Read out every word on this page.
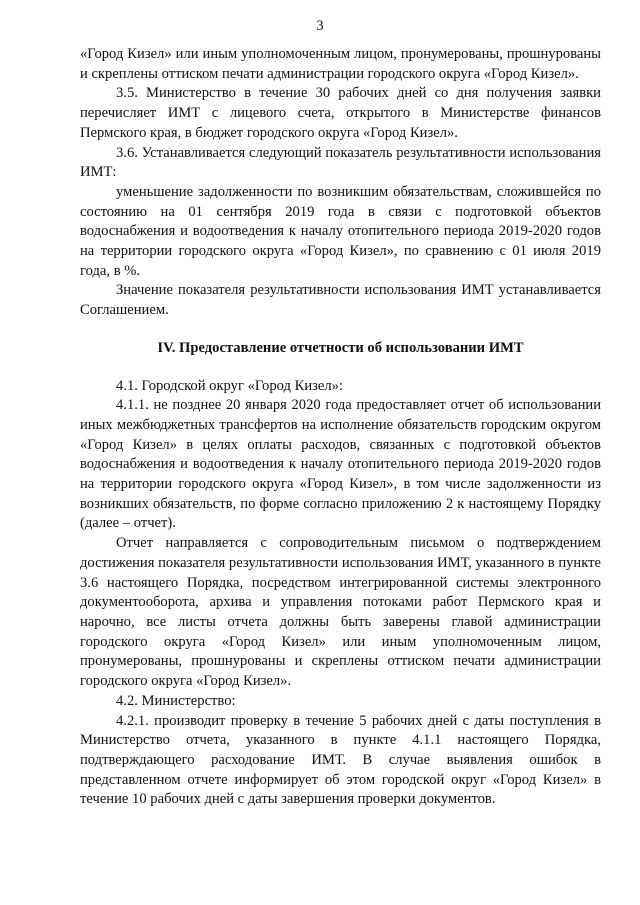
3

«Город Кизел» или иным уполномоченным лицом, пронумерованы, прошнурованы и скреплены оттиском печати администрации городского округа «Город Кизел».

3.5. Министерство в течение 30 рабочих дней со дня получения заявки перечисляет ИМТ с лицевого счета, открытого в Министерстве финансов Пермского края, в бюджет городского округа «Город Кизел».

3.6. Устанавливается следующий показатель результативности использования ИМТ:

уменьшение задолженности по возникшим обязательствам, сложившейся по состоянию на 01 сентября 2019 года в связи с подготовкой объектов водоснабжения и водоотведения к началу отопительного периода 2019-2020 годов на территории городского округа «Город Кизел», по сравнению с 01 июля 2019 года, в %.

Значение показателя результативности использования ИМТ устанавливается Соглашением.

IV. Предоставление отчетности об использовании ИМТ

4.1. Городской округ «Город Кизел»:

4.1.1. не позднее 20 января 2020 года предоставляет отчет об использовании иных межбюджетных трансфертов на исполнение обязательств городским округом «Город Кизел» в целях оплаты расходов, связанных с подготовкой объектов водоснабжения и водоотведения к началу отопительного периода 2019-2020 годов на территории городского округа «Город Кизел», в том числе задолженности из возникших обязательств, по форме согласно приложению 2 к настоящему Порядку (далее – отчет).

Отчет направляется с сопроводительным письмом о подтверждением достижения показателя результативности использования ИМТ, указанного в пункте 3.6 настоящего Порядка, посредством интегрированной системы электронного документооборота, архива и управления потоками работ Пермского края и нарочно, все листы отчета должны быть заверены главой администрации городского округа «Город Кизел» или иным уполномоченным лицом, пронумерованы, прошнурованы и скреплены оттиском печати администрации городского округа «Город Кизел».

4.2. Министерство:

4.2.1. производит проверку в течение 5 рабочих дней с даты поступления в Министерство отчета, указанного в пункте 4.1.1 настоящего Порядка, подтверждающего расходование ИМТ. В случае выявления ошибок в представленном отчете информирует об этом городской округ «Город Кизел» в течение 10 рабочих дней с даты завершения проверки документов.
